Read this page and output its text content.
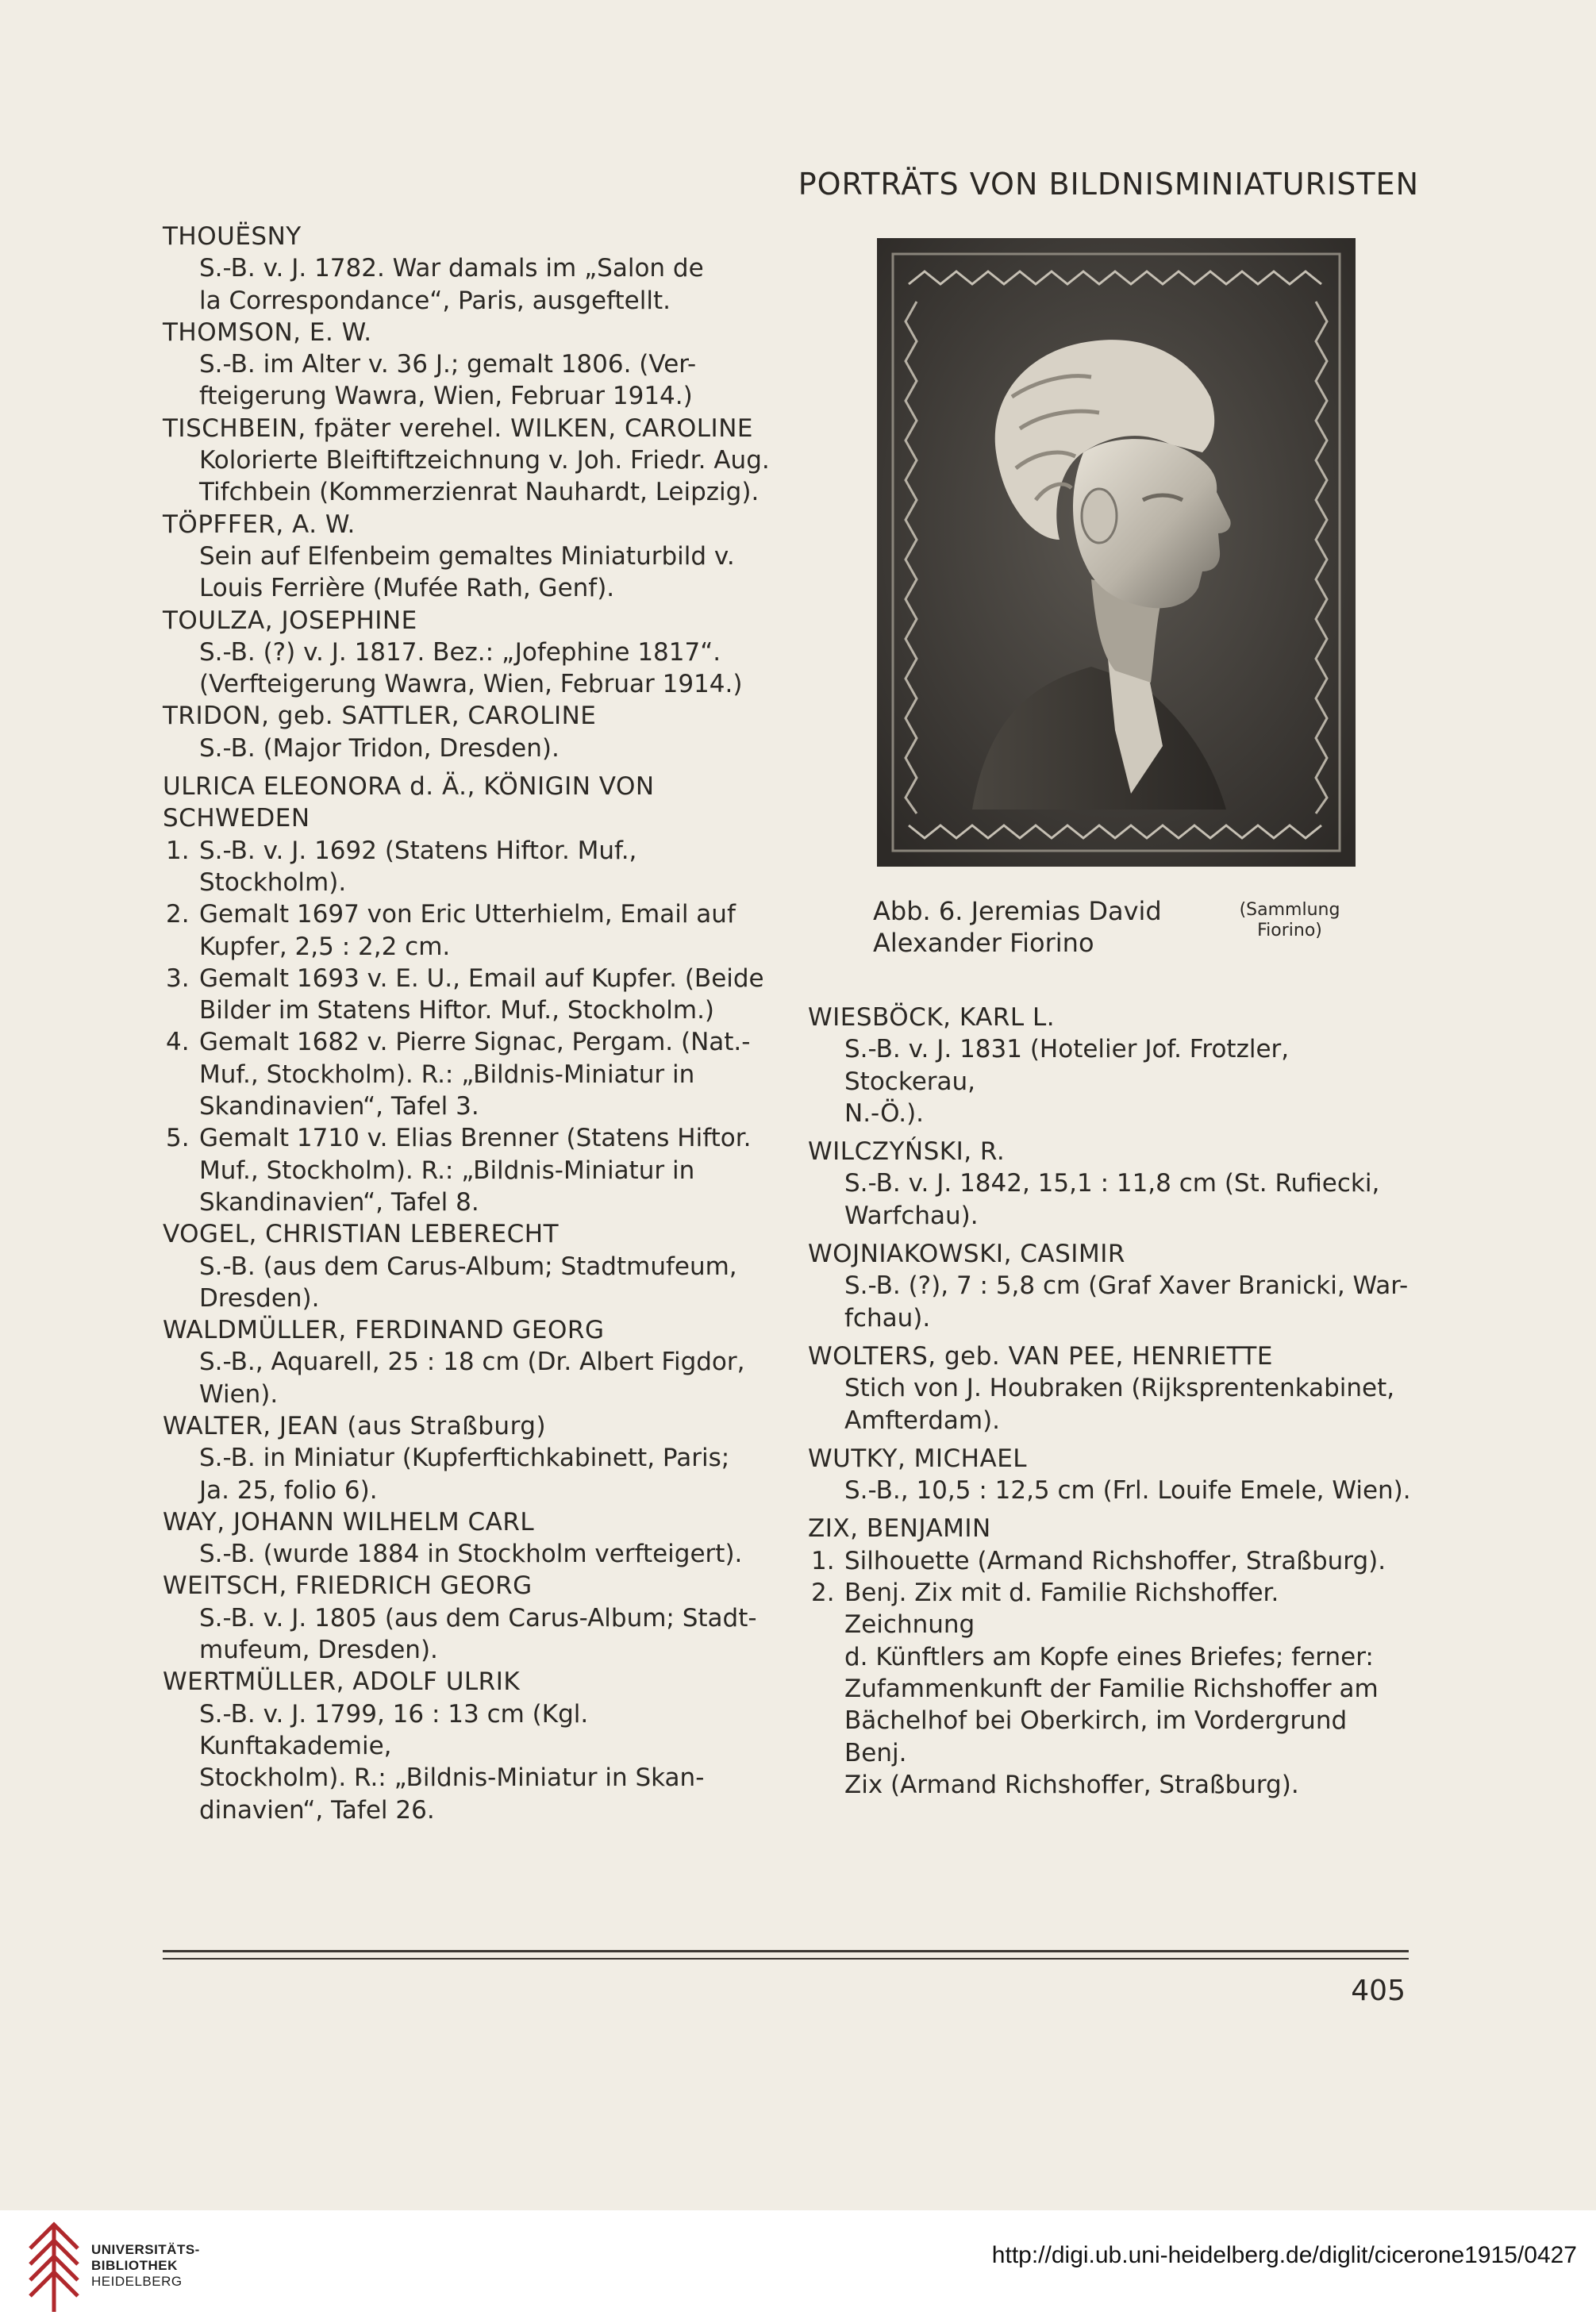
PORTRÄTS VON BILDNISMINIATURISTEN

THOUËSNY

S.-B. v. J. 1782. War damals im „Salon de

la Correspondance“, Paris, ausgeftellt.

THOMSON, E. W.

S.-B. im Alter v. 36 J.; gemalt 1806. (Ver-

fteigerung Wawra, Wien, Februar 1914.)

TISCHBEIN, fpäter verehel. WILKEN, CAROLINE

Kolorierte Bleiftiftzeichnung v. Joh. Friedr. Aug.

Tifchbein (Kommerzienrat Nauhardt, Leipzig).

TÖPFFER, A. W.

Sein auf Elfenbeim gemaltes Miniaturbild v.

Louis Ferrière (Mufée Rath, Genf).

TOULZA, JOSEPHINE

S.-B. (?) v. J. 1817. Bez.: „Jofephine 1817“.

(Verfteigerung Wawra, Wien, Februar 1914.)

TRIDON, geb. SATTLER, CAROLINE

S.-B. (Major Tridon, Dresden).

ULRICA ELEONORA d. Ä., KÖNIGIN VON

SCHWEDEN

1. S.-B. v. J. 1692 (Statens Hiftor. Muf., Stockholm).
2. Gemalt 1697 von Eric Utterhielm, Email auf
Kupfer, 2,5 : 2,2 cm.
3. Gemalt 1693 v. E. U., Email auf Kupfer. (Beide
Bilder im Statens Hiftor. Muf., Stockholm.)
4. Gemalt 1682 v. Pierre Signac, Pergam. (Nat.-
Muf., Stockholm). R.: „Bildnis-Miniatur in
Skandinavien“, Tafel 3.
5. Gemalt 1710 v. Elias Brenner (Statens Hiftor.
Muf., Stockholm). R.: „Bildnis-Miniatur in
Skandinavien“, Tafel 8.

VOGEL, CHRISTIAN LEBERECHT

S.-B. (aus dem Carus-Album; Stadtmufeum,

Dresden).

WALDMÜLLER, FERDINAND GEORG

S.-B., Aquarell, 25 : 18 cm (Dr. Albert Figdor,

Wien).

WALTER, JEAN (aus Straßburg)

S.-B. in Miniatur (Kupferftichkabinett, Paris;

Ja. 25, folio 6).

WAY, JOHANN WILHELM CARL

S.-B. (wurde 1884 in Stockholm verfteigert).

WEITSCH, FRIEDRICH GEORG

S.-B. v. J. 1805 (aus dem Carus-Album; Stadt-

mufeum, Dresden).

WERTMÜLLER, ADOLF ULRIK

S.-B. v. J. 1799, 16 : 13 cm (Kgl. Kunftakademie,

Stockholm). R.: „Bildnis-Miniatur in Skan-

dinavien“, Tafel 26.

Abb. 6. Jeremias David
Alexander Fiorino
(Sammlung
Fiorino)

WIESBÖCK, KARL L.

S.-B. v. J. 1831 (Hotelier Jof. Frotzler, Stockerau,

N.-Ö.).

WILCZYŃSKI, R.

S.-B. v. J. 1842, 15,1 : 11,8 cm (St. Rufiecki,

Warfchau).

WOJNIAKOWSKI, CASIMIR

S.-B. (?), 7 : 5,8 cm (Graf Xaver Branicki, War-

fchau).

WOLTERS, geb. VAN PEE, HENRIETTE

Stich von J. Houbraken (Rijksprentenkabinet,

Amfterdam).

WUTKY, MICHAEL

S.-B., 10,5 : 12,5 cm (Frl. Louife Emele, Wien).

ZIX, BENJAMIN

1. Silhouette (Armand Richshoffer, Straßburg).
2. Benj. Zix mit d. Familie Richshoffer. Zeichnung
d. Künftlers am Kopfe eines Briefes; ferner:
Zufammenkunft der Familie Richshoffer am
Bächelhof bei Oberkirch, im Vordergrund Benj.
Zix (Armand Richshoffer, Straßburg).
405
UNIVERSITÄTS-
BIBLIOTHEK
HEIDELBERG
http://digi.ub.uni-heidelberg.de/diglit/cicerone1915/0427
